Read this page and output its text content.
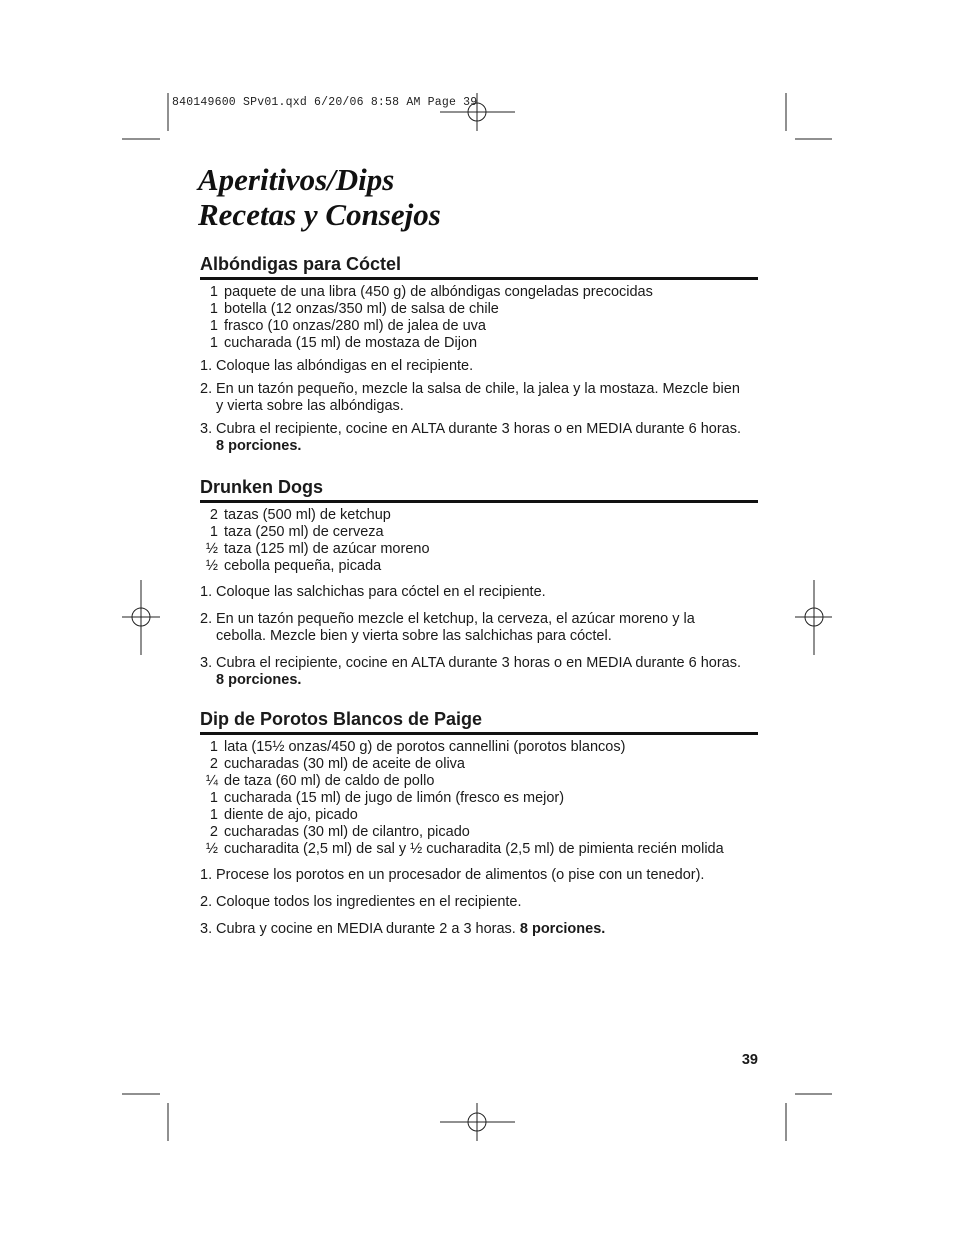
840149600 SPv01.qxd 6/20/06 8:58 AM Page 39
Aperitivos/Dips
Recetas y Consejos
Albóndigas para Cóctel
1 paquete de una libra (450 g) de albóndigas congeladas precocidas
1 botella (12 onzas/350 ml) de salsa de chile
1 frasco (10 onzas/280 ml) de jalea de uva
1 cucharada (15 ml) de mostaza de Dijon
1. Coloque las albóndigas en el recipiente.
2. En un tazón pequeño, mezcle la salsa de chile, la jalea y la mostaza. Mezcle bien y vierta sobre las albóndigas.
3. Cubra el recipiente, cocine en ALTA durante 3 horas o en MEDIA durante 6 horas. 8 porciones.
Drunken Dogs
2 tazas (500 ml) de ketchup
1 taza (250 ml) de cerveza
½ taza (125 ml) de azúcar moreno
½ cebolla pequeña, picada
1. Coloque las salchichas para cóctel en el recipiente.
2. En un tazón pequeño mezcle el ketchup, la cerveza, el azúcar moreno y la cebolla. Mezcle bien y vierta sobre las salchichas para cóctel.
3. Cubra el recipiente, cocine en ALTA durante 3 horas o en MEDIA durante 6 horas. 8 porciones.
Dip de Porotos Blancos de Paige
1 lata (15½ onzas/450 g) de porotos cannellini (porotos blancos)
2 cucharadas (30 ml) de aceite de oliva
¼ de taza (60 ml) de caldo de pollo
1 cucharada (15 ml) de jugo de limón (fresco es mejor)
1 diente de ajo, picado
2 cucharadas (30 ml) de cilantro, picado
½ cucharadita (2,5 ml) de sal y ½ cucharadita (2,5 ml) de pimienta recién molida
1. Procese los porotos en un procesador de alimentos (o pise con un tenedor).
2. Coloque todos los ingredientes en el recipiente.
3. Cubra y cocine en MEDIA durante 2 a 3 horas. 8 porciones.
39
